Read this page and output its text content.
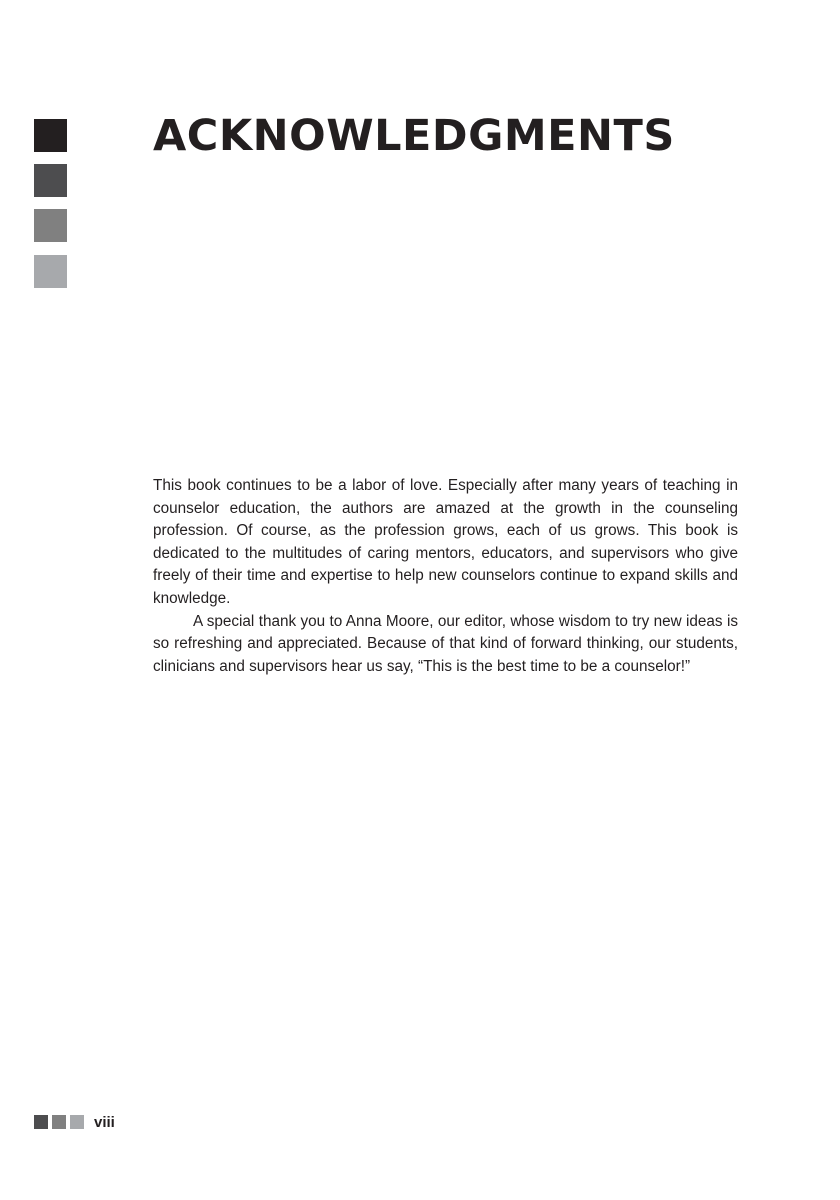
ACKNOWLEDGMENTS

This book continues to be a labor of love. Especially after many years of teaching in counselor education, the authors are amazed at the growth in the counseling profession. Of course, as the profession grows, each of us grows. This book is dedicated to the multitudes of caring mentors, educators, and supervisors who give freely of their time and expertise to help new counselors continue to expand skills and knowledge.

A special thank you to Anna Moore, our editor, whose wisdom to try new ideas is so refreshing and appreciated. Because of that kind of forward thinking, our students, clinicians and supervisors hear us say, “This is the best time to be a counselor!”

viii
